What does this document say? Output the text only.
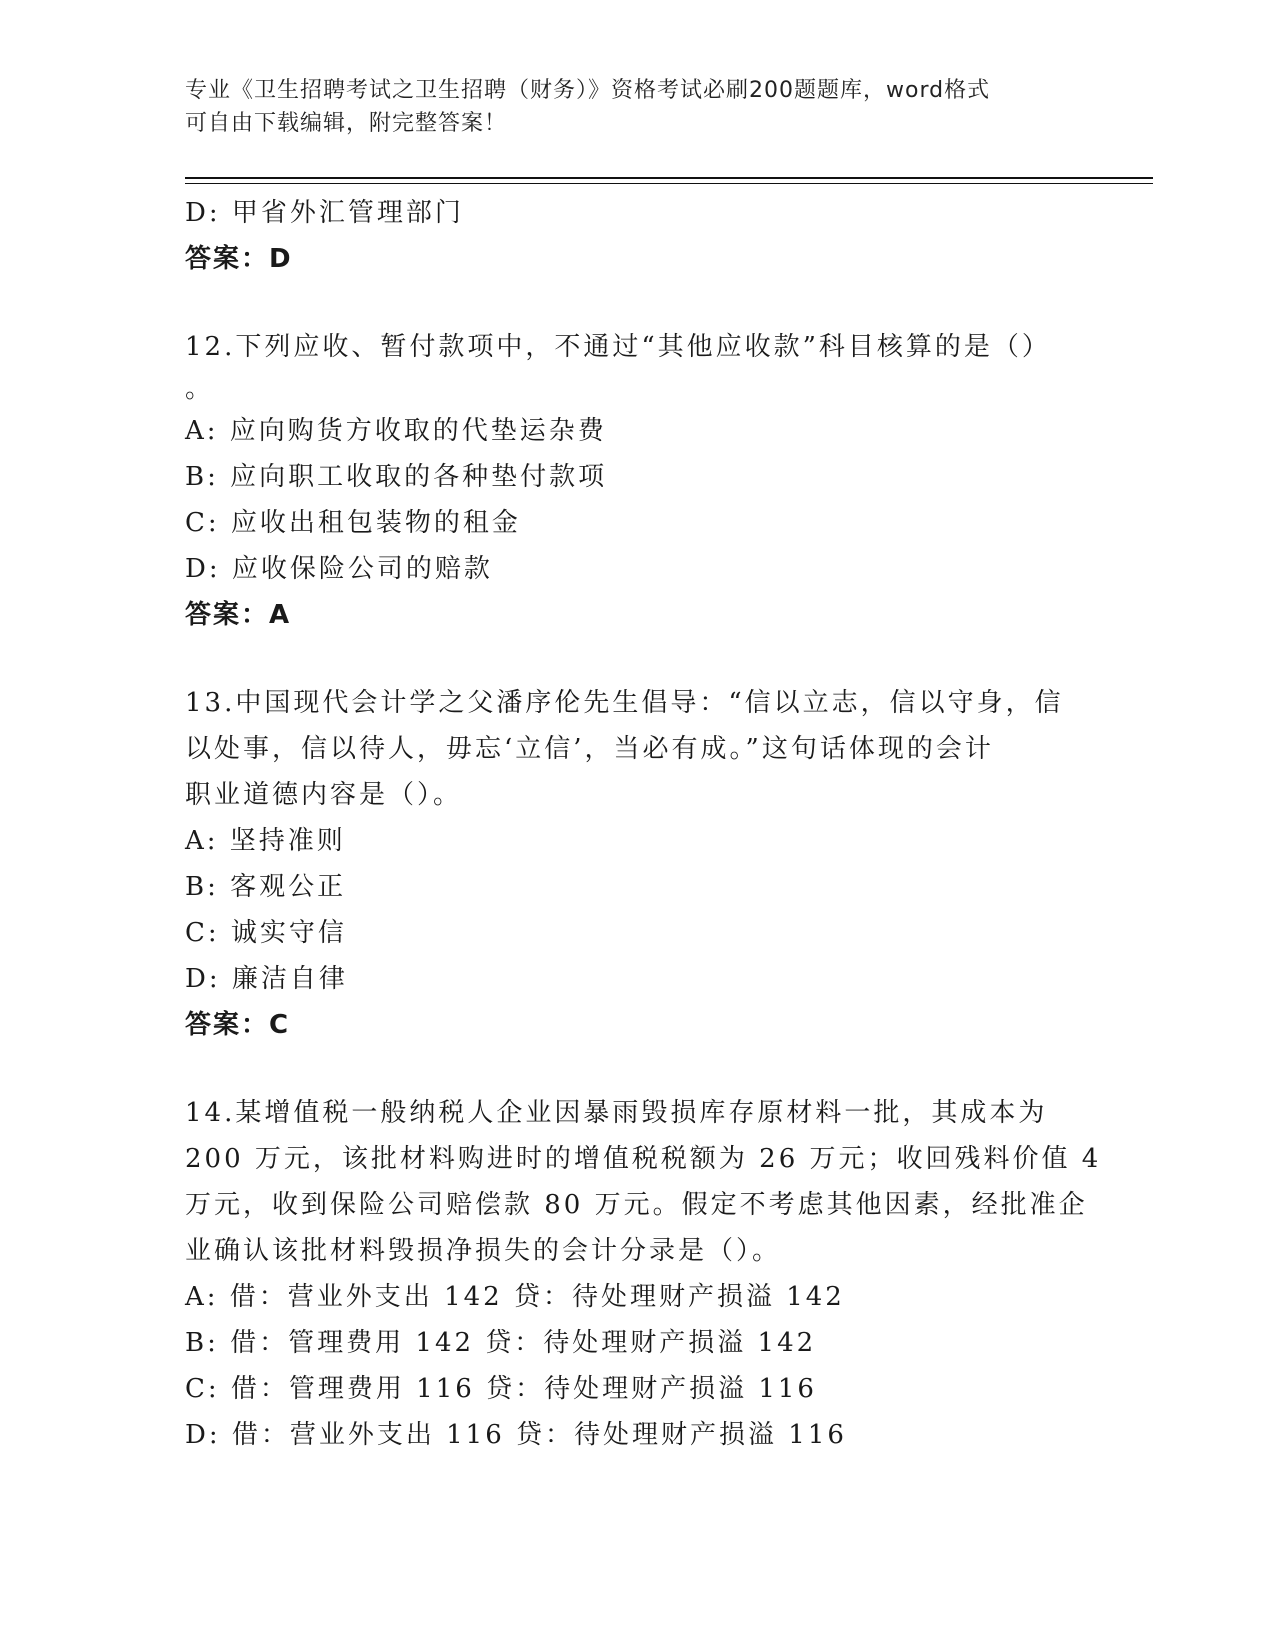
专业《卫生招聘考试之卫生招聘（财务）》资格考试必刷200题题库，word格式
可自由下载编辑，附完整答案！
D: 甲省外汇管理部门
答案：D
12.下列应收、暂付款项中，不通过“其他应收款”科目核算的是（）
。
A: 应向购货方收取的代垫运杂费
B: 应向职工收取的各种垫付款项
C: 应收出租包装物的租金
D: 应收保险公司的赔款
答案：A
13.中国现代会计学之父潘序伦先生倡导：“信以立志，信以守身，信
以处事，信以待人，毋忘‘立信’，当必有成。”这句话体现的会计
职业道德内容是（）。
A: 坚持准则
B: 客观公正
C: 诚实守信
D: 廉洁自律
答案：C
14.某增值税一般纳税人企业因暴雨毁损库存原材料一批，其成本为
200 万元，该批材料购进时的增值税税额为 26 万元；收回残料价值 4
万元，收到保险公司赔偿款 80 万元。假定不考虑其他因素，经批准企
业确认该批材料毁损净损失的会计分录是（）。
A: 借：营业外支出 142 贷：待处理财产损溢 142
B: 借：管理费用 142 贷：待处理财产损溢 142
C: 借：管理费用 116 贷：待处理财产损溢 116
D: 借：营业外支出 116 贷：待处理财产损溢 116
